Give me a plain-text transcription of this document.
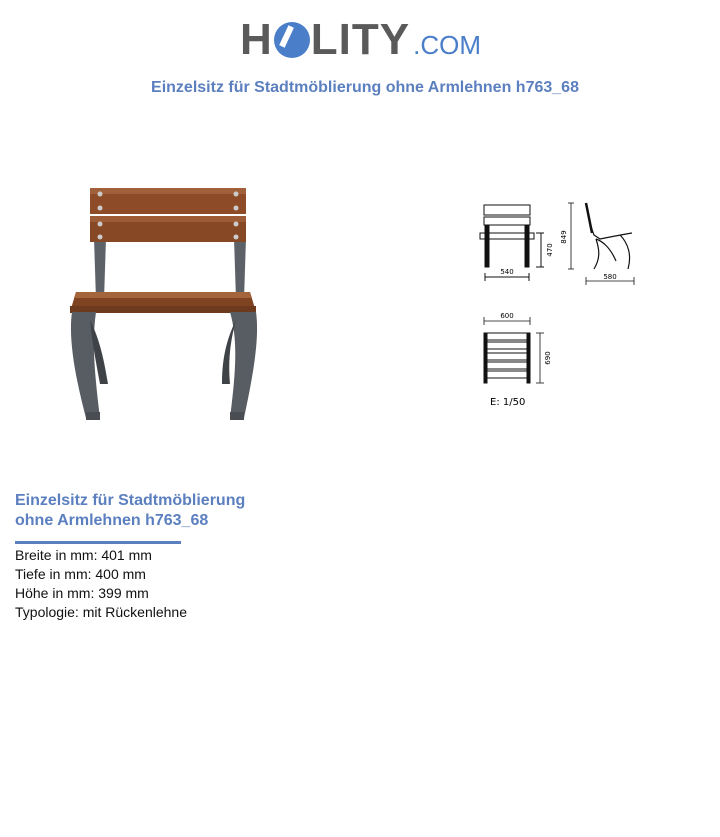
H LITY .COM
Einzelsitz für Stadtmöblierung ohne Armlehnen h763_68
470
540
849
580
600
690
E: 1/50
Einzelsitz für Stadtmöblierung
ohne Armlehnen h763_68
Breite in mm: 401 mm
Tiefe in mm: 400 mm
Höhe in mm: 399 mm
Typologie: mit Rückenlehne
